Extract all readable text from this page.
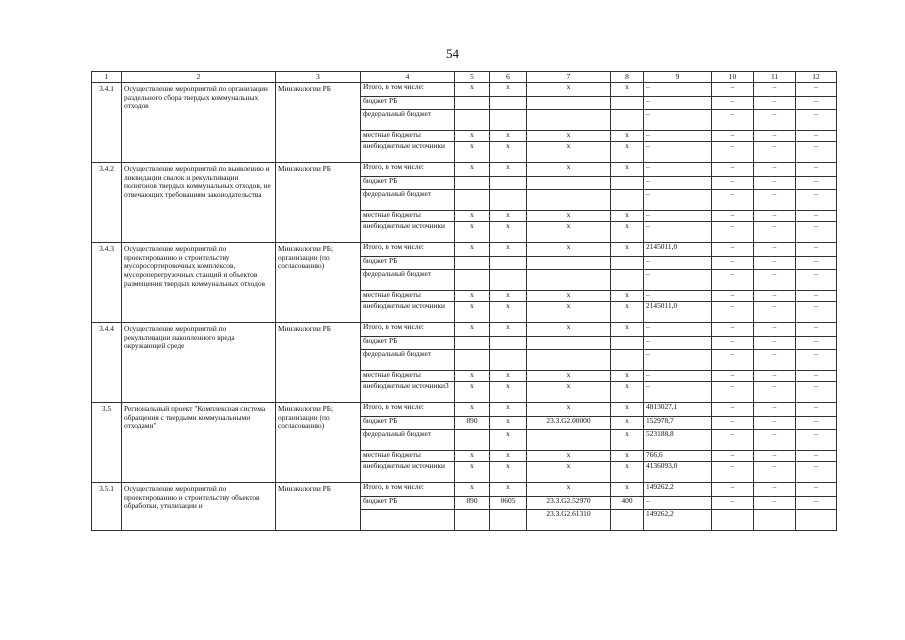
54
1	2	3	4	5	6	7	8	9	10	11	12
3.4.1	Осуществление мероприятий по организации раздельного сбора твердых коммунальных отходов	Минэкологии РБ	Итого, в том числе:	х	х	х	х	–	–	–	–
			бюджет РБ					–	–	–	–
			федеральный бюджет					–	–	–	–
			местные бюджеты	х	х	х	х	–	–	–	–
			внебюджетные источники	х	х	х	х	–	–	–	–
3.4.2	Осуществление мероприятий по выявлению и ликвидации свалок и рекультивации полигонов твердых коммунальных отходов, не отвечающих требованиям законодательства	Минэкологии РБ	Итого, в том числе:	х	х	х	х	–	–	–	–
			бюджет РБ					–	–	–	–
			федеральный бюджет					–	–	–	–
			местные бюджеты	х	х	х	х	–	–	–	–
			внебюджетные источники	х	х	х	х	–	–	–	–
3.4.3	Осуществление мероприятий по проектированию и строительству мусоросортировочных комплексов, мусороперегрузочных станций и объектов размещения твердых коммунальных отходов	Минэкологии РБ; организации (по согласованию)	Итого, в том числе:	х	х	х	х	2145011,0	–	–	–
			бюджет РБ					–	–	–	–
			федеральный бюджет					–	–	–	–
			местные бюджеты	х	х	х	х	–	–	–	–
			внебюджетные источники	х	х	х	х	2145011,0	–	–	–
3.4.4	Осуществление мероприятий по рекультивации накопленного вреда окружающей среде	Минэкологии РБ	Итого, в том числе:	х	х	х	х	–	–	–	–
			бюджет РБ					–	–	–	–
			федеральный бюджет					–	–	–	–
			местные бюджеты	х	х	х	х	–	–	–	–
			внебюджетные источники3	х	х	х	х	–	–	–	–
3.5	Региональный проект "Комплексная система обращения с твердыми коммунальными отходами"	Минэкологии РБ; организации (по согласованию)	Итого, в том числе:	х	х	х	х	4813027,1	–	–	–
			бюджет РБ	890	х	23.3.G2.00000	х	152978,7	–	–	–
			федеральный бюджет		х		х	523188,8	–	–	–
			местные бюджеты	х	х	х	х	766,6	–	–	–
			внебюджетные источники	х	х	х	х	4136093,0	–	–	–
3.5.1	Осуществление мероприятий по проектированию и строительству объектов обработки, утилизации и	Минэкологии РБ	Итого, в том числе:	х	х	х	х	149262,2	–	–	–
			бюджет РБ	890	0605	23.3.G2.52970	400	–	–	–	–
						23.3.G2.61310		149262,2			
